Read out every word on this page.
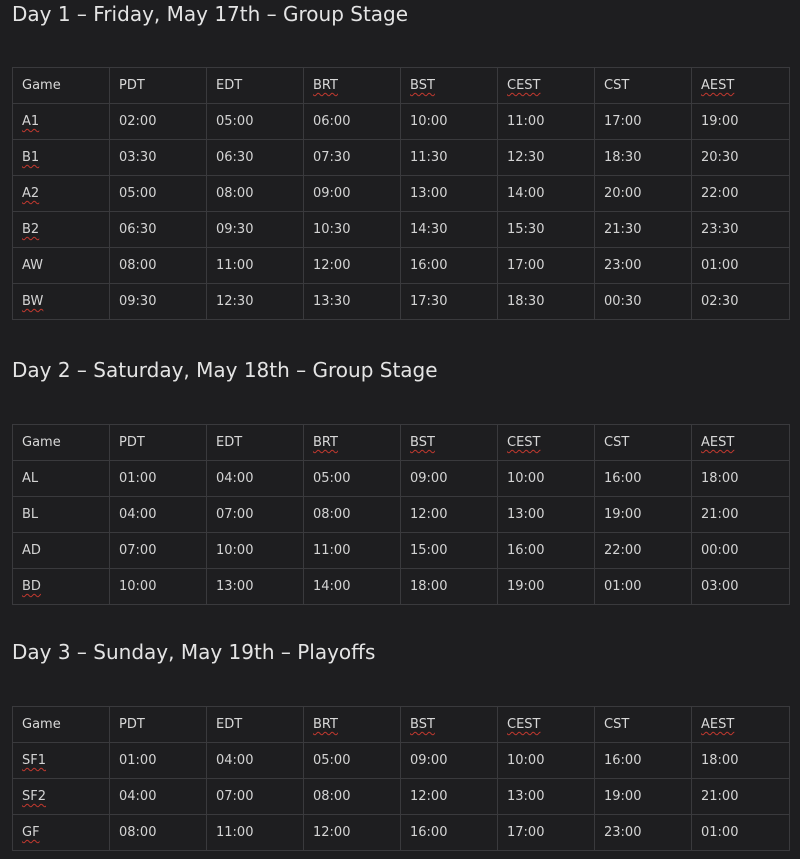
Day 1 – Friday, May 17th – Group Stage
Game	PDT	EDT	BRT	BST	CEST	CST	AEST
A1	02:00	05:00	06:00	10:00	11:00	17:00	19:00
B1	03:30	06:30	07:30	11:30	12:30	18:30	20:30
A2	05:00	08:00	09:00	13:00	14:00	20:00	22:00
B2	06:30	09:30	10:30	14:30	15:30	21:30	23:30
AW	08:00	11:00	12:00	16:00	17:00	23:00	01:00
BW	09:30	12:30	13:30	17:30	18:30	00:30	02:30
Day 2 – Saturday, May 18th – Group Stage
Game	PDT	EDT	BRT	BST	CEST	CST	AEST
AL	01:00	04:00	05:00	09:00	10:00	16:00	18:00
BL	04:00	07:00	08:00	12:00	13:00	19:00	21:00
AD	07:00	10:00	11:00	15:00	16:00	22:00	00:00
BD	10:00	13:00	14:00	18:00	19:00	01:00	03:00
Day 3 – Sunday, May 19th – Playoffs
Game	PDT	EDT	BRT	BST	CEST	CST	AEST
SF1	01:00	04:00	05:00	09:00	10:00	16:00	18:00
SF2	04:00	07:00	08:00	12:00	13:00	19:00	21:00
GF	08:00	11:00	12:00	16:00	17:00	23:00	01:00
